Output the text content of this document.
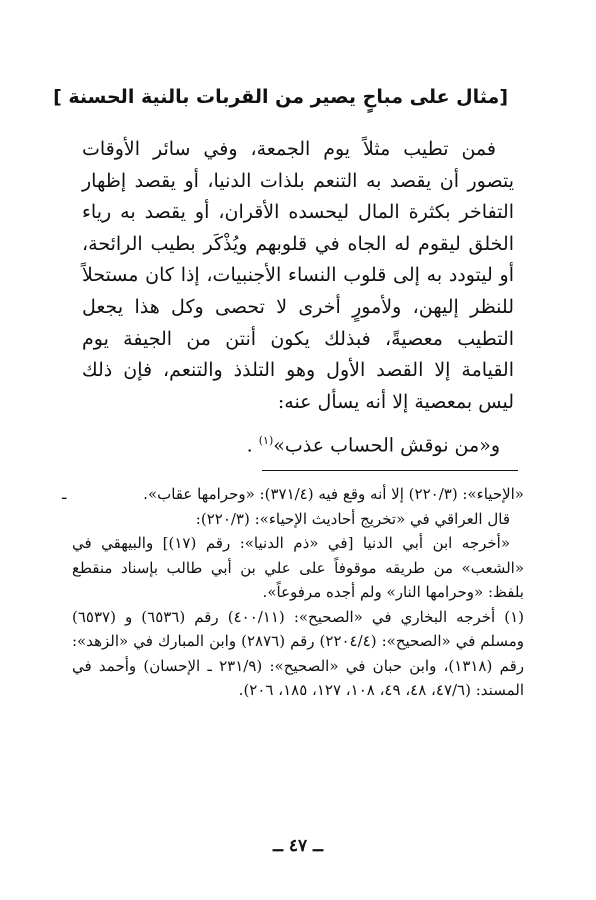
[مثال على مباحٍ يصير من القربات بالنية الحسنة ]

فمن تطيب مثلاً يوم الجمعة، وفي سائر الأوقات يتصور أن يقصد به التنعم بلذات الدنيا، أو يقصد إظهار التفاخر بكثرة المال ليحسده الأقران، أو يقصد به رياء الخلق ليقوم له الجاه في قلوبهم ويُذْكَر بطيب الرائحة، أو ليتودد به إلى قلوب النساء الأجنبيات، إذا كان مستحلاً للنظر إليهن، ولأمورٍ أخرى لا تحصى وكل هذا يجعل التطيب معصيةً، فبذلك يكون أنتن من الجيفة يوم القيامة إلا القصد الأول وهو التلذذ والتنعم، فإن ذلك ليس بمعصية إلا أنه يسأل عنه:

و«من نوقش الحساب عذب»$^{(١)}$ .
ـ	«الإحياء»: (٢٢٠/٣) إلا أنه وقع فيه (٣٧١/٤): «وحرامها عقاب».

قال العراقي في «تخريج أحاديث الإحياء»: (٢٢٠/٣):

«أخرجه ابن أبي الدنيا [في «ذم الدنيا»: رقم (١٧)] والبيهقي في «الشعب» من طريقه موقوفاً على علي بن أبي طالب بإسناد منقطع بلفظ: «وحرامها النار» ولم أجده مرفوعاً».

(١) أخرجه البخاري في «الصحيح»: (٤٠٠/١١) رقم (٦٥٣٦) و (٦٥٣٧) ومسلم في «الصحيح»: (٢٢٠٤/٤) رقم (٢٨٧٦) وابن المبارك في «الزهد»: رقم (١٣١٨)، وابن حبان في «الصحيح»: (٢٣١/٩ ـ الإحسان) وأحمد في المسند: (٤٧/٦، ٤٨، ٤٩، ١٠٨، ١٢٧، ١٨٥، ٢٠٦).

ــ ٤٧ ــ
